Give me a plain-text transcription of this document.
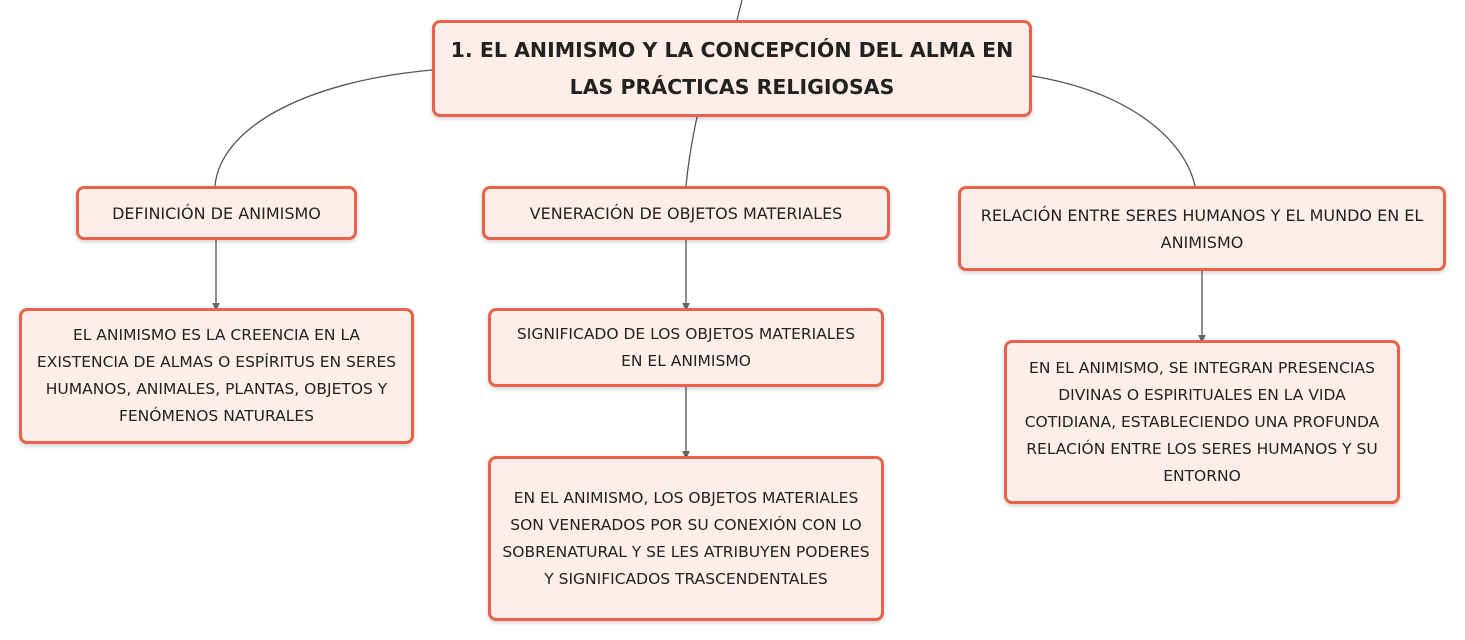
1. EL ANIMISMO Y LA CONCEPCIÓN DEL ALMA EN LAS PRÁCTICAS RELIGIOSAS
DEFINICIÓN DE ANIMISMO	VENERACIÓN DE OBJETOS MATERIALES	RELACIÓN ENTRE SERES HUMANOS Y EL MUNDO EN EL ANIMISMO
EL ANIMISMO ES LA CREENCIA EN LA EXISTENCIA DE ALMAS O ESPÍRITUS EN SERES HUMANOS, ANIMALES, PLANTAS, OBJETOS Y FENÓMENOS NATURALES
SIGNIFICADO DE LOS OBJETOS MATERIALES EN EL ANIMISMO
EN EL ANIMISMO, LOS OBJETOS MATERIALES SON VENERADOS POR SU CONEXIÓN CON LO SOBRENATURAL Y SE LES ATRIBUYEN PODERES Y SIGNIFICADOS TRASCENDENTALES
EN EL ANIMISMO, SE INTEGRAN PRESENCIAS DIVINAS O ESPIRITUALES EN LA VIDA COTIDIANA, ESTABLECIENDO UNA PROFUNDA RELACIÓN ENTRE LOS SERES HUMANOS Y SU ENTORNO
